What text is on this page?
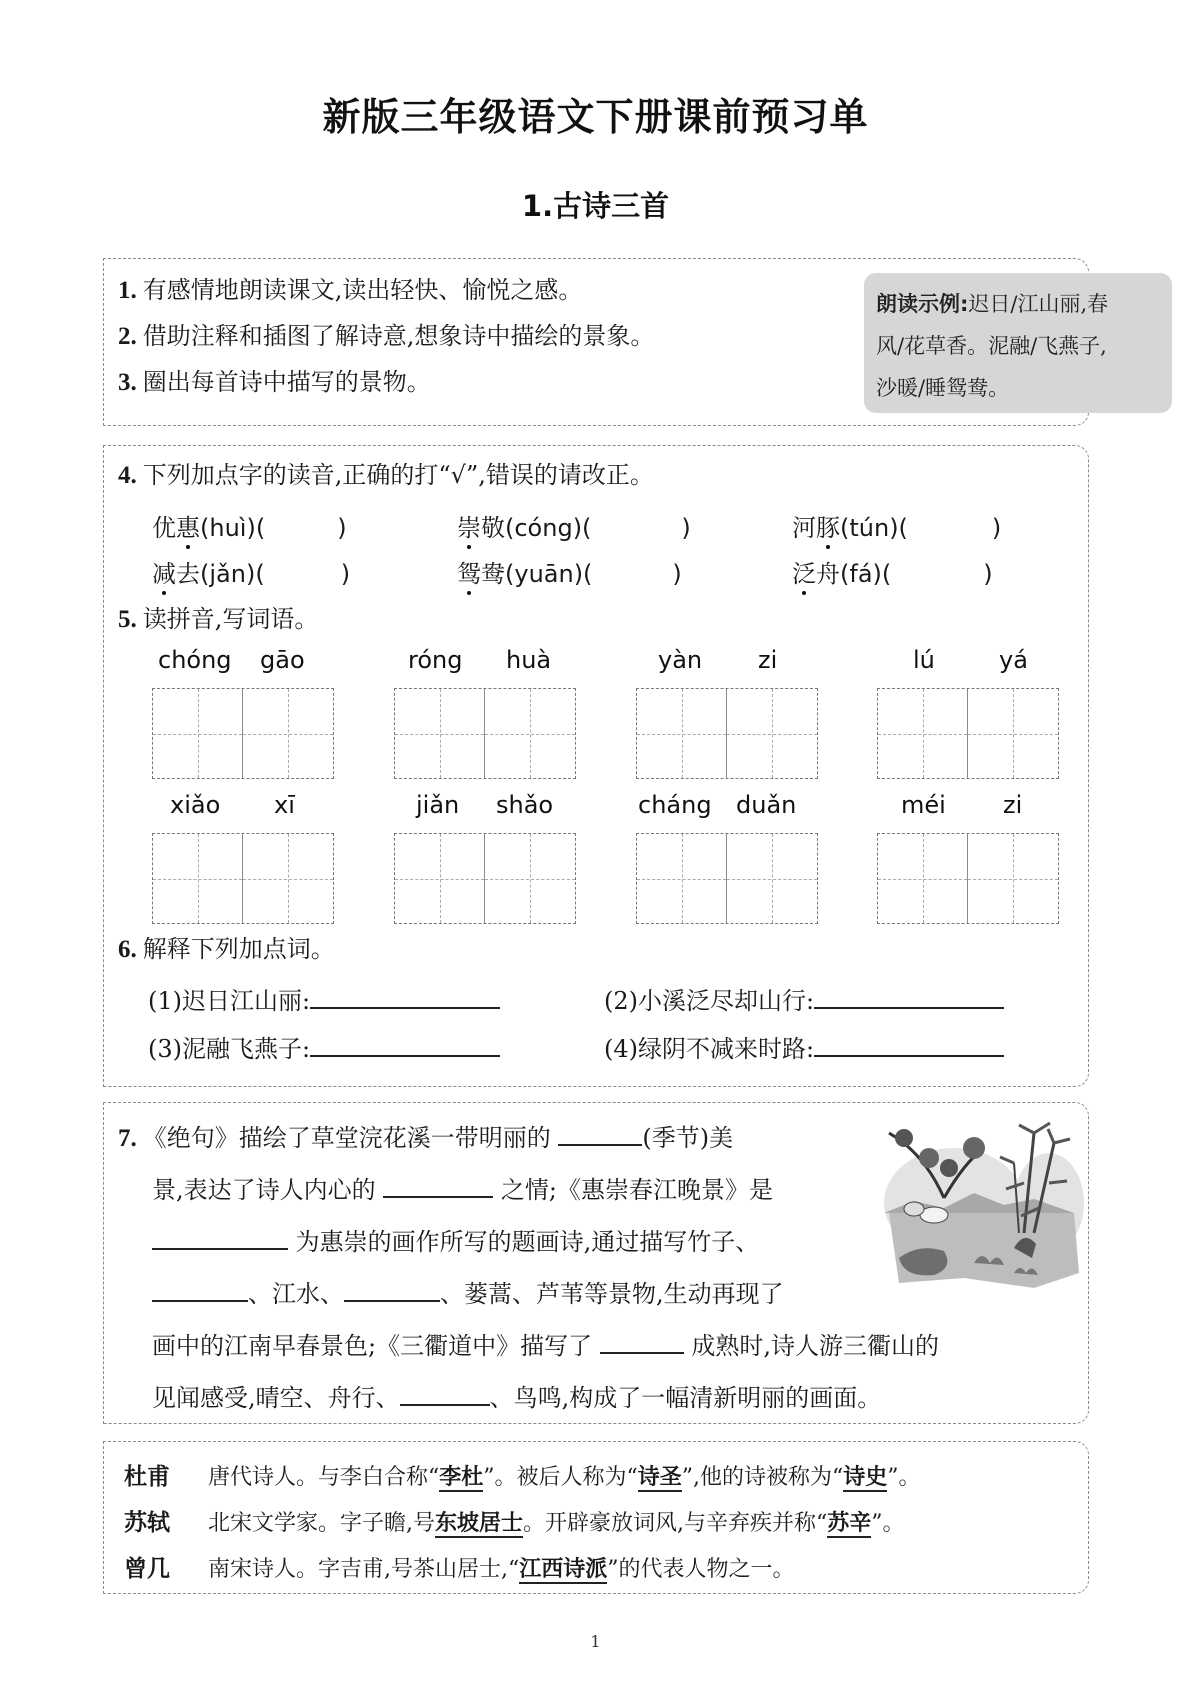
新版三年级语文下册课前预习单
1.古诗三首
1. 有感情地朗读课文,读出轻快、愉悦之感。
2. 借助注释和插图了解诗意,想象诗中描绘的景象。
3. 圈出每首诗中描写的景物。
朗读示例:迟日/江山丽,春
风/花草香。泥融/飞燕子,
沙暖/睡鸳鸯。
4. 下列加点字的读音,正确的打“√”,错误的请改正。
优惠(huì)(	)	崇敬(cóng)(	)	河豚(tún)(	)
减去(jǎn)(	)	鸳鸯(yuān)(	)	泛舟(fá)(	)
5. 读拼音,写词语。
chóng gāo	róng huà	yàn zi	lú	yá
xiǎo xī	jiǎn shǎo	cháng duǎn	méi zi
6. 解释下列加点词。
(1)迟日江山丽:	(2)小溪泛尽却山行:
(3)泥融飞燕子:	(4)绿阴不减来时路:
7. 《绝句》描绘了草堂浣花溪一带明丽的	(季节)美
景,表达了诗人内心的	之情;《惠崇春江晚景》是
为惠崇的画作所写的题画诗,通过描写竹子、
、江水、	、蒌蒿、芦苇等景物,生动再现了
画中的江南早春景色;《三衢道中》描写了	成熟时,诗人游三衢山的
见闻感受,晴空、舟行、	、鸟鸣,构成了一幅清新明丽的画面。
杜甫 唐代诗人。与李白合称“李杜”。被后人称为“诗圣”,他的诗被称为“诗史”。
苏轼 北宋文学家。字子瞻,号东坡居士。开辟豪放词风,与辛弃疾并称“苏辛”。
曾几 南宋诗人。字吉甫,号茶山居士,“江西诗派”的代表人物之一。
1
